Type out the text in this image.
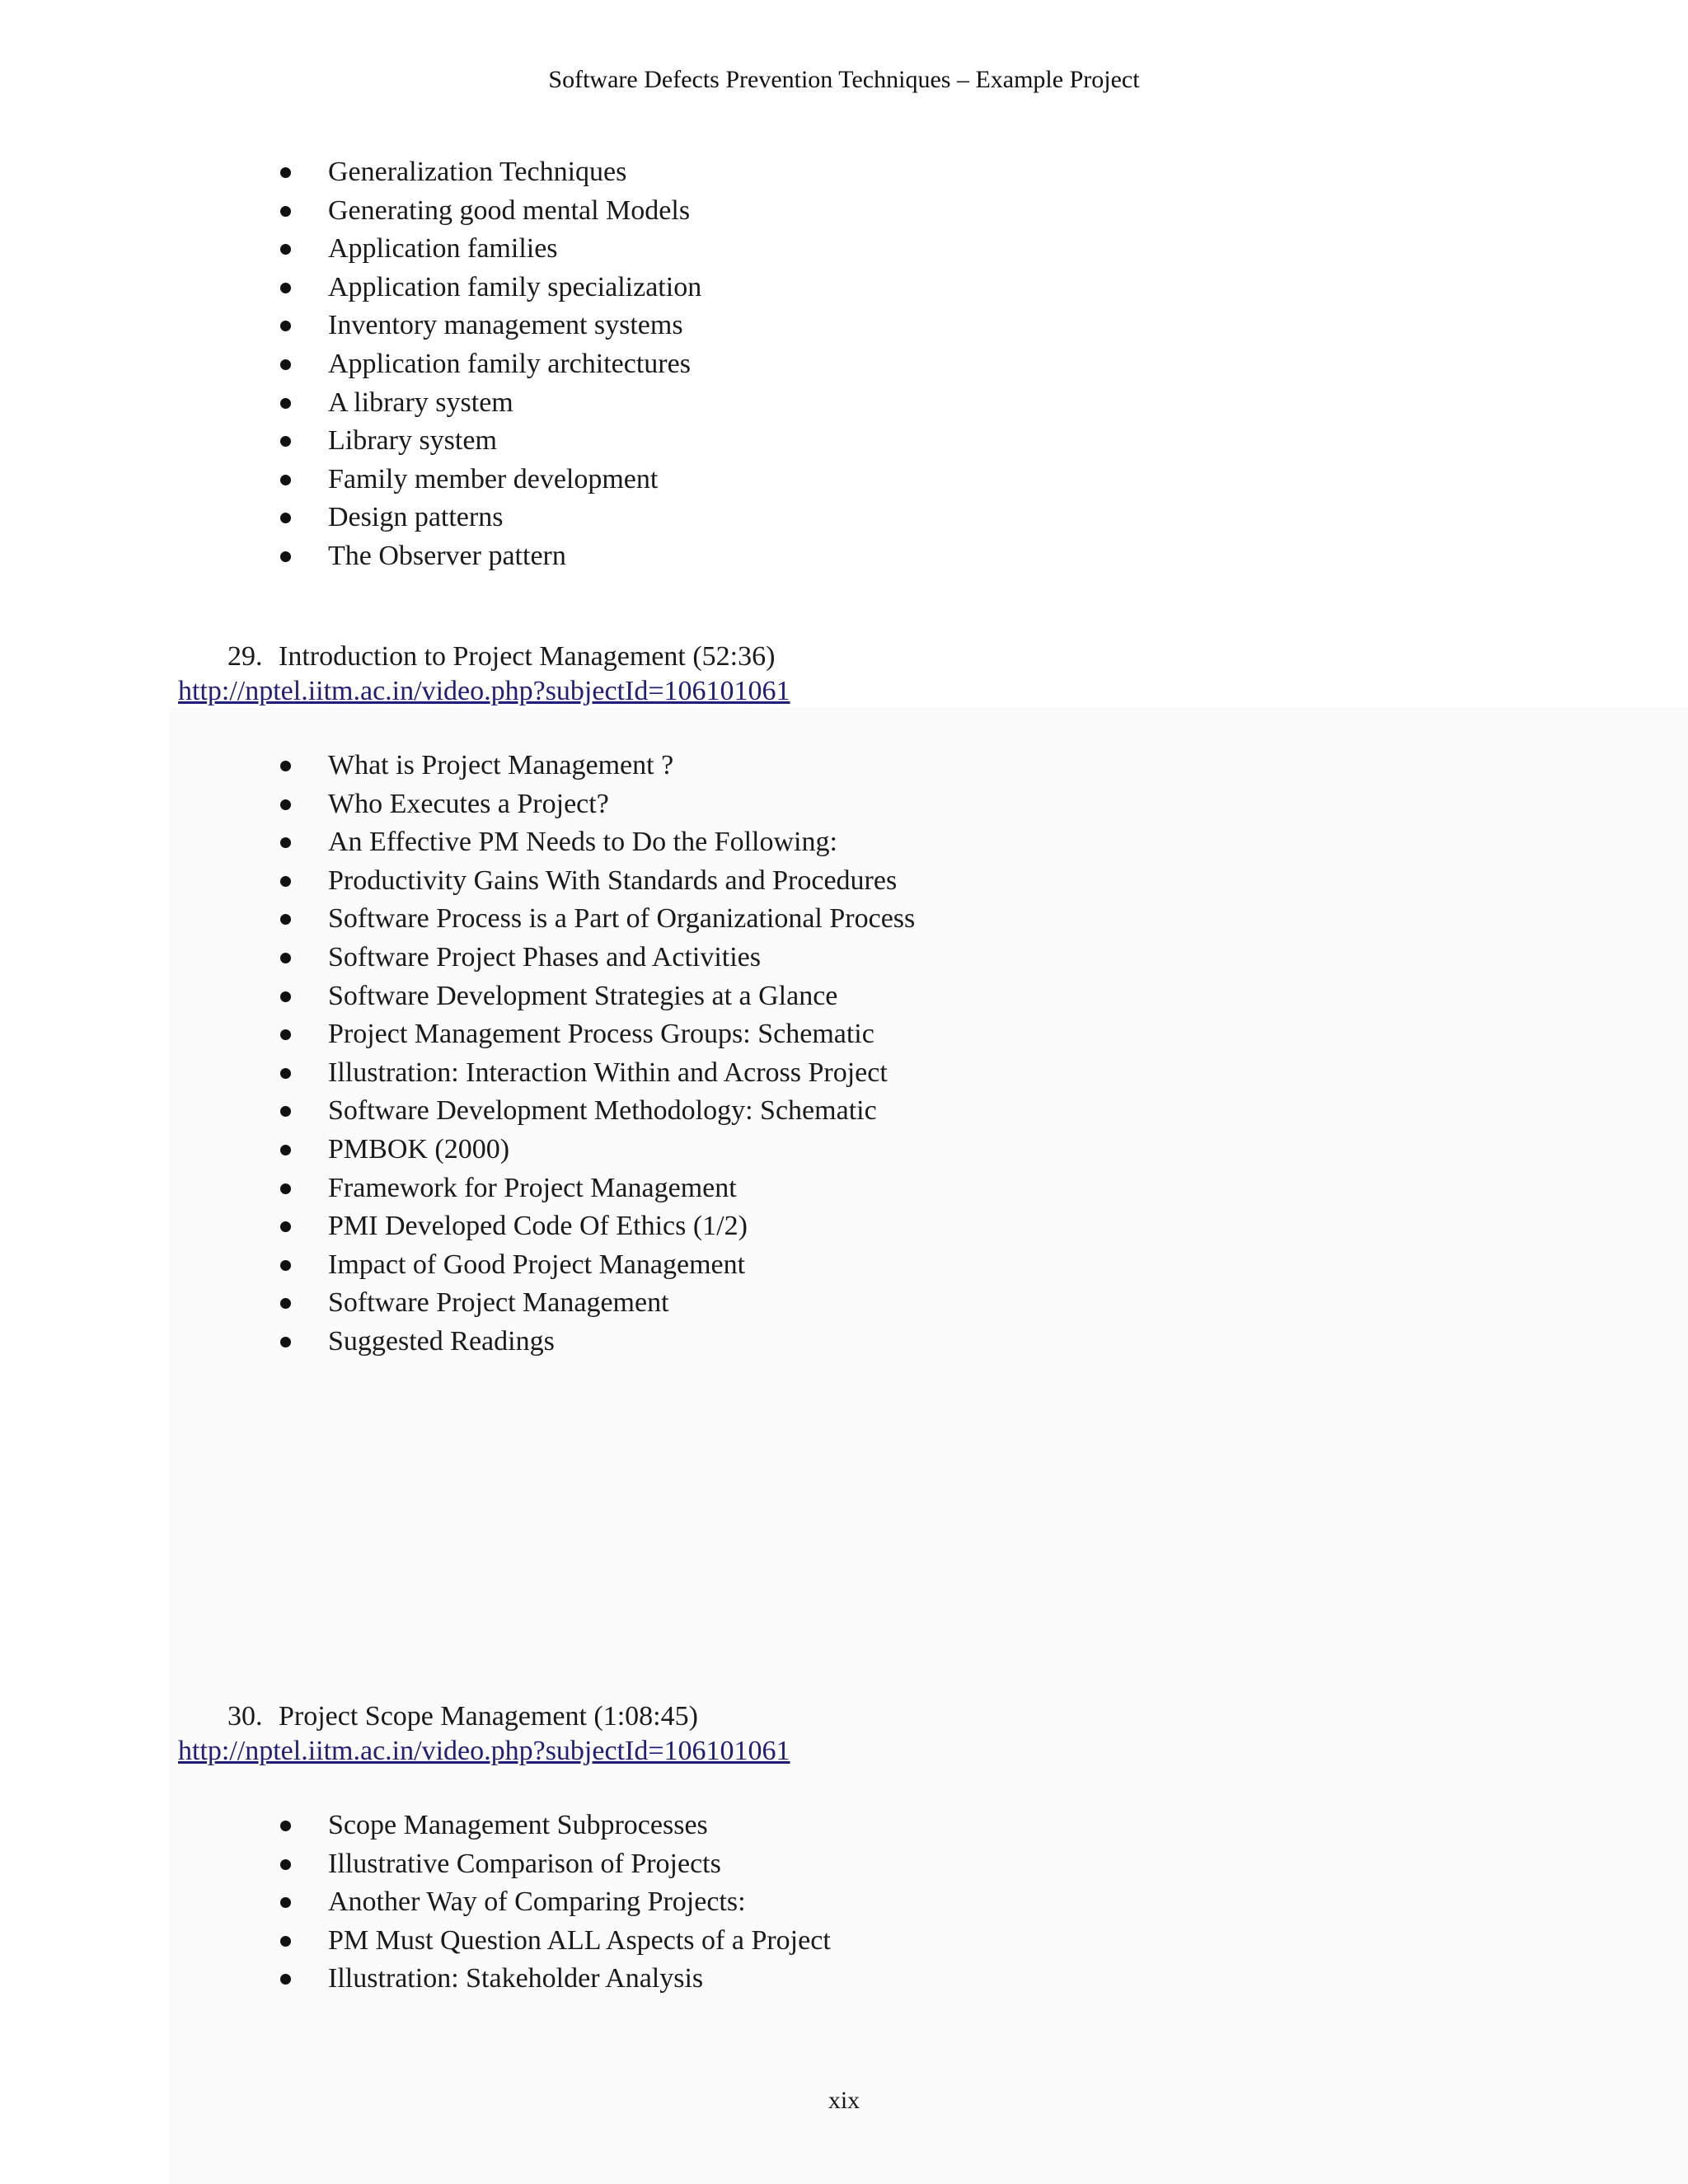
Software Defects Prevention Techniques – Example Project
Generalization Techniques
Generating good mental Models
Application families
Application family specialization
Inventory management systems
Application family architectures
A library system
Library system
Family member development
Design patterns
The Observer pattern
29. Introduction to Project Management (52:36)
http://nptel.iitm.ac.in/video.php?subjectId=106101061
What is Project Management ?
Who Executes a Project?
An Effective PM Needs to Do the Following:
Productivity Gains With Standards and Procedures
Software Process is a Part of Organizational Process
Software Project Phases and Activities
Software Development Strategies at a Glance
Project Management Process Groups: Schematic
Illustration: Interaction Within and Across Project
Software Development Methodology: Schematic
PMBOK (2000)
Framework for Project Management
PMI Developed Code Of Ethics (1/2)
Impact of Good Project Management
Software Project Management
Suggested Readings
30. Project Scope Management (1:08:45)
http://nptel.iitm.ac.in/video.php?subjectId=106101061
Scope Management Subprocesses
Illustrative Comparison of Projects
Another Way of Comparing Projects:
PM Must Question ALL Aspects of a Project
Illustration: Stakeholder Analysis
xix
